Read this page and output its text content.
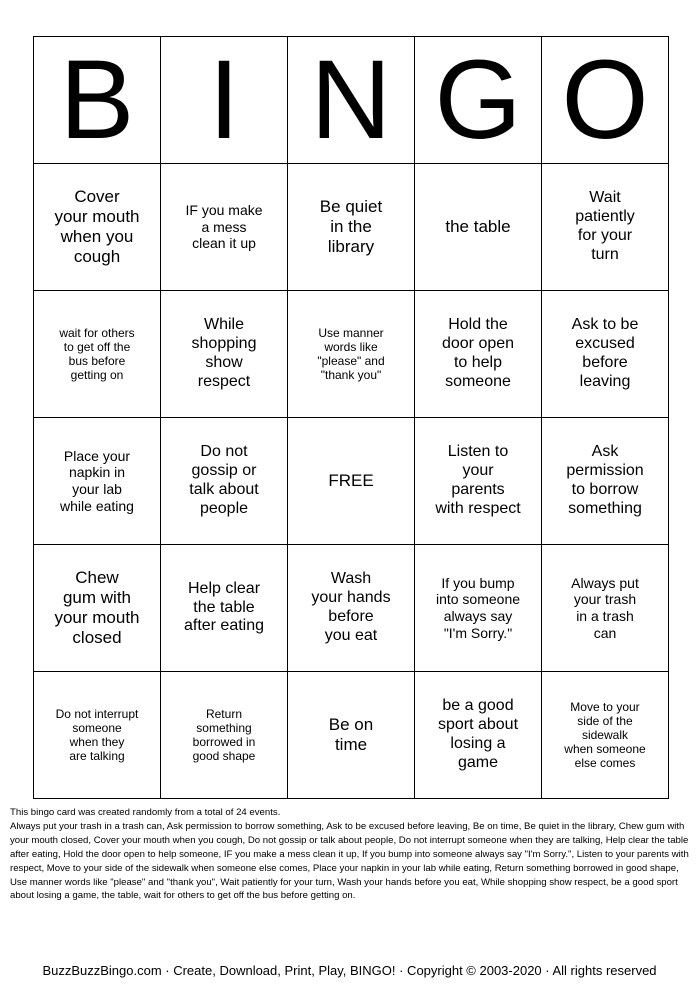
B	I	N	G	O

Cover
your mouth
when you
cough	IF you make
a mess
clean it up	Be quiet
in the
library	the table	Wait
patiently
for your
turn

wait for others
to get off the
bus before
getting on	While
shopping
show
respect	Use manner
words like
"please" and
"thank you"	Hold the
door open
to help
someone	Ask to be
excused
before
leaving

Place your
napkin in
your lab
while eating	Do not
gossip or
talk about
people	FREE	Listen to
your
parents
with respect	Ask
permission
to borrow
something

Chew
gum with
your mouth
closed	Help clear
the table
after eating	Wash
your hands
before
you eat	If you bump
into someone
always say
"I'm Sorry."	Always put
your trash
in a trash
can

Do not interrupt
someone
when they
are talking	Return
something
borrowed in
good shape	Be on
time	be a good
sport about
losing a
game	Move to your
side of the
sidewalk
when someone
else comes

This bingo card was created randomly from a total of 24 events.

Always put your trash in a trash can, Ask permission to borrow something, Ask to be excused before leaving, Be on time, Be quiet in the library, Chew gum with your mouth closed, Cover your mouth when you cough, Do not gossip or talk about people, Do not interrupt someone when they are talking, Help clear the table after eating, Hold the door open to help someone, IF you make a mess clean it up, If you bump into someone always say "I'm Sorry.", Listen to your parents with respect, Move to your side of the sidewalk when someone else comes, Place your napkin in your lab while eating, Return something borrowed in good shape, Use manner words like "please" and "thank you", Wait patiently for your turn, Wash your hands before you eat, While shopping show respect, be a good sport about losing a game, the table, wait for others to get off the bus before getting on.

BuzzBuzzBingo.com · Create, Download, Print, Play, BINGO! · Copyright © 2003-2020 · All rights reserved
